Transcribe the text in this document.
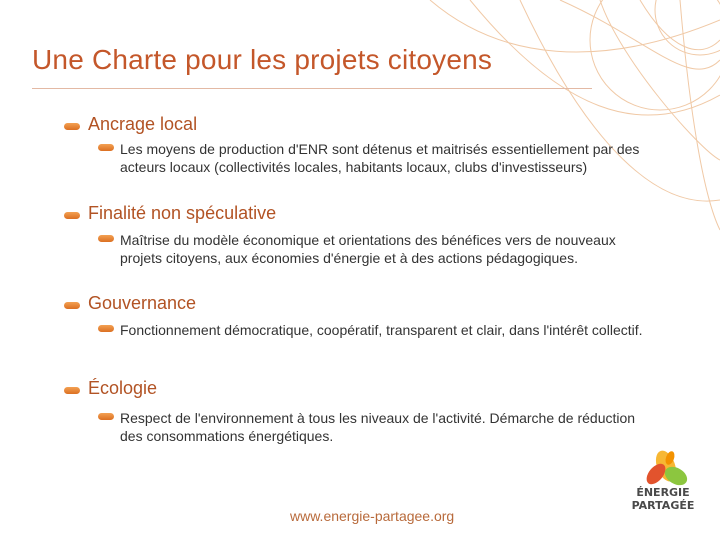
Une Charte pour les projets citoyens
Ancrage local
Les moyens de production d'ENR sont détenus et maitrisés essentiellement par des acteurs locaux (collectivités locales, habitants locaux, clubs d'investisseurs)
Finalité non spéculative
Maîtrise du modèle économique et orientations des bénéfices vers de nouveaux projets citoyens, aux économies d'énergie et à des actions pédagogiques.
Gouvernance
Fonctionnement démocratique, coopératif, transparent et clair, dans l'intérêt collectif.
Écologie
Respect de l'environnement à tous les niveaux de l'activité. Démarche de réduction des consommations énergétiques.
www.energie-partagee.org
ÉNERGIE
PARTAGÉE
